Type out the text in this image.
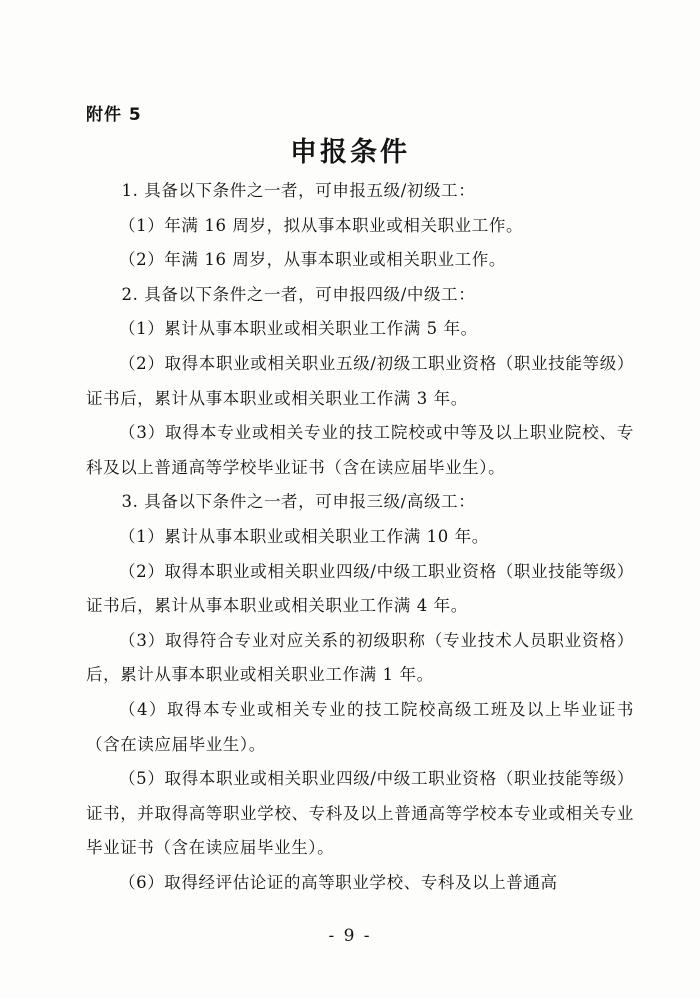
附件 5
申报条件

1. 具备以下条件之一者，可申报五级/初级工：

（1）年满 16 周岁，拟从事本职业或相关职业工作。

（2）年满 16 周岁，从事本职业或相关职业工作。

2. 具备以下条件之一者，可申报四级/中级工：

（1）累计从事本职业或相关职业工作满 5 年。

（2）取得本职业或相关职业五级/初级工职业资格（职业技能等级）证书后，累计从事本职业或相关职业工作满 3 年。

（3）取得本专业或相关专业的技工院校或中等及以上职业院校、专科及以上普通高等学校毕业证书（含在读应届毕业生）。

3. 具备以下条件之一者，可申报三级/高级工：

（1）累计从事本职业或相关职业工作满 10 年。

（2）取得本职业或相关职业四级/中级工职业资格（职业技能等级）证书后，累计从事本职业或相关职业工作满 4 年。

（3）取得符合专业对应关系的初级职称（专业技术人员职业资格）后，累计从事本职业或相关职业工作满 1 年。

（4）取得本专业或相关专业的技工院校高级工班及以上毕业证书（含在读应届毕业生）。

（5）取得本职业或相关职业四级/中级工职业资格（职业技能等级）证书，并取得高等职业学校、专科及以上普通高等学校本专业或相关专业毕业证书（含在读应届毕业生）。

（6）取得经评估论证的高等职业学校、专科及以上普通高

- 9 -
